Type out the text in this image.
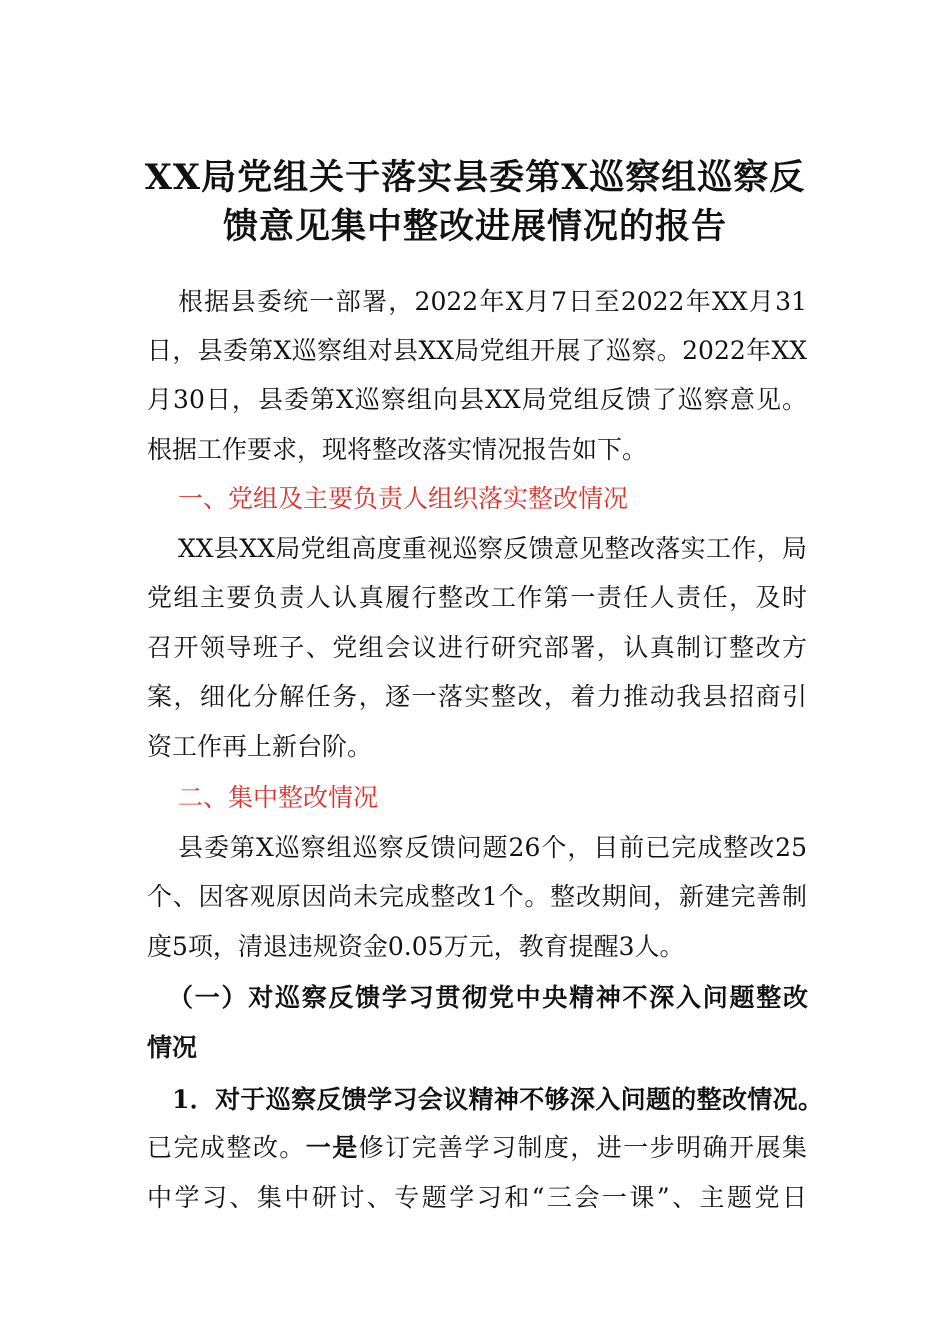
XX局党组关于落实县委第X巡察组巡察反
馈意见集中整改进展情况的报告
根据县委统一部署，2022年X月7日至2022年XX月31
日，县委第X巡察组对县XX局党组开展了巡察。2022年XX
月30日，县委第X巡察组向县XX局党组反馈了巡察意见。
根据工作要求，现将整改落实情况报告如下。
一、党组及主要负责人组织落实整改情况
XX县XX局党组高度重视巡察反馈意见整改落实工作，局
党组主要负责人认真履行整改工作第一责任人责任，及时
召开领导班子、党组会议进行研究部署，认真制订整改方
案，细化分解任务，逐一落实整改，着力推动我县招商引
资工作再上新台阶。
二、集中整改情况
县委第X巡察组巡察反馈问题26个，目前已完成整改25
个、因客观原因尚未完成整改1个。整改期间，新建完善制
度5项，清退违规资金0.05万元，教育提醒3人。
（一）对巡察反馈学习贯彻党中央精神不深入问题整改
情况
1．对于巡察反馈学习会议精神不够深入问题的整改情况。
已完成整改。一是修订完善学习制度，进一步明确开展集
中学习、集中研讨、专题学习和“三会一课”、主题党日
